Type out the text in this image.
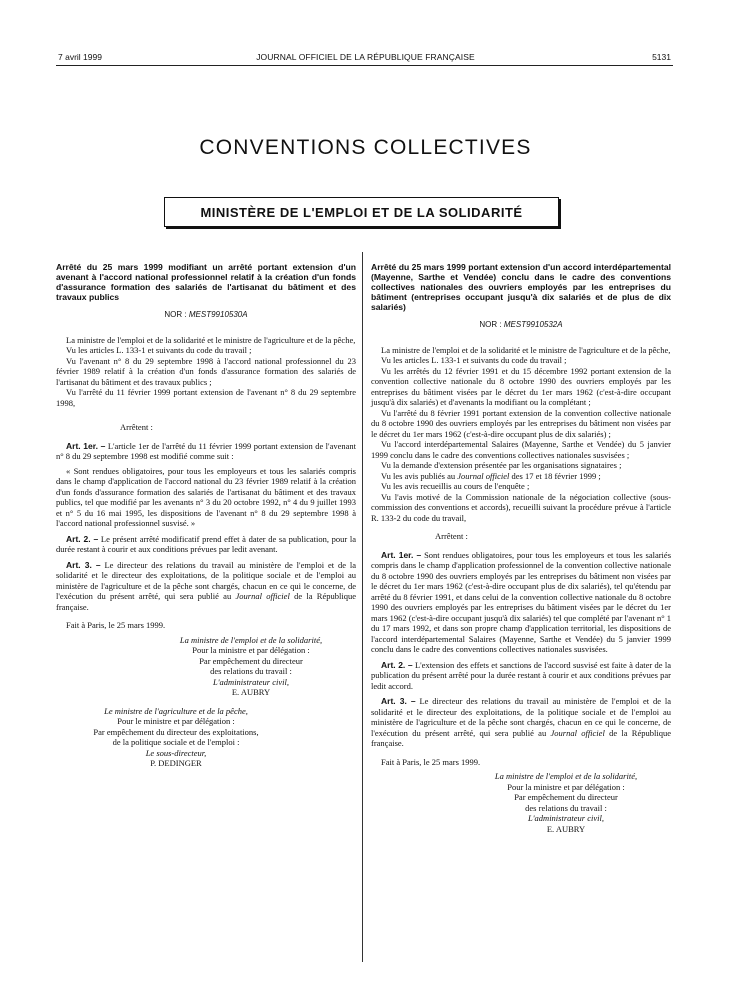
7 avril 1999	JOURNAL OFFICIEL DE LA RÉPUBLIQUE FRANÇAISE	5131
CONVENTIONS COLLECTIVES
MINISTÈRE DE L'EMPLOI ET DE LA SOLIDARITÉ
Arrêté du 25 mars 1999 modifiant un arrêté portant extension d'un avenant à l'accord national professionnel relatif à la création d'un fonds d'assurance formation des salariés de l'artisanat du bâtiment et des travaux publics
NOR : MEST9910530A

La ministre de l'emploi et de la solidarité et le ministre de l'agriculture et de la pêche,

Vu les articles L. 133-1 et suivants du code du travail ;

Vu l'avenant n° 8 du 29 septembre 1998 à l'accord national professionnel du 23 février 1989 relatif à la création d'un fonds d'assurance formation des salariés de l'artisanat du bâtiment et des travaux publics ;

Vu l'arrêté du 11 février 1999 portant extension de l'avenant n° 8 du 29 septembre 1998,

Arrêtent :

Art. 1er. – L'article 1er de l'arrêté du 11 février 1999 portant extension de l'avenant n° 8 du 29 septembre 1998 est modifié comme suit :

« Sont rendues obligatoires, pour tous les employeurs et tous les salariés compris dans le champ d'application de l'accord national du 23 février 1989 relatif à la création d'un fonds d'assurance formation des salariés de l'artisanat du bâtiment et des travaux publics, tel que modifié par les avenants n° 3 du 20 octobre 1992, n° 4 du 9 juillet 1993 et n° 5 du 16 mai 1995, les dispositions de l'avenant n° 8 du 29 septembre 1998 à l'accord national professionnel susvisé. »

Art. 2. – Le présent arrêté modificatif prend effet à dater de sa publication, pour la durée restant à courir et aux conditions prévues par ledit avenant.

Art. 3. – Le directeur des relations du travail au ministère de l'emploi et de la solidarité et le directeur des exploitations, de la politique sociale et de l'emploi au ministère de l'agriculture et de la pêche sont chargés, chacun en ce qui le concerne, de l'exécution du présent arrêté, qui sera publié au Journal officiel de la République française.

Fait à Paris, le 25 mars 1999.

La ministre de l'emploi et de la solidarité,

Pour la ministre et par délégation :

Par empêchement du directeur

des relations du travail :

L'administrateur civil,

E. AUBRY

Le ministre de l'agriculture et de la pêche,

Pour le ministre et par délégation :

Par empêchement du directeur des exploitations,

de la politique sociale et de l'emploi :

Le sous-directeur,

P. DEDINGER

Arrêté du 25 mars 1999 portant extension d'un accord interdépartemental (Mayenne, Sarthe et Vendée) conclu dans le cadre des conventions collectives nationales des ouvriers employés par les entreprises du bâtiment (entreprises occupant jusqu'à dix salariés et de plus de dix salariés)
NOR : MEST9910532A

La ministre de l'emploi et de la solidarité et le ministre de l'agriculture et de la pêche,

Vu les articles L. 133-1 et suivants du code du travail ;

Vu les arrêtés du 12 février 1991 et du 15 décembre 1992 portant extension de la convention collective nationale du 8 octobre 1990 des ouvriers employés par les entreprises du bâtiment visées par le décret du 1er mars 1962 (c'est-à-dire occupant jusqu'à dix salariés) et d'avenants la modifiant ou la complétant ;

Vu l'arrêté du 8 février 1991 portant extension de la convention collective nationale du 8 octobre 1990 des ouvriers employés par les entreprises du bâtiment non visées par le décret du 1er mars 1962 (c'est-à-dire occupant plus de dix salariés) ;

Vu l'accord interdépartemental Salaires (Mayenne, Sarthe et Vendée) du 5 janvier 1999 conclu dans le cadre des conventions collectives nationales susvisées ;

Vu la demande d'extension présentée par les organisations signataires ;

Vu les avis publiés au Journal officiel des 17 et 18 février 1999 ;

Vu les avis recueillis au cours de l'enquête ;

Vu l'avis motivé de la Commission nationale de la négociation collective (sous-commission des conventions et accords), recueilli suivant la procédure prévue à l'article R. 133-2 du code du travail,

Arrêtent :

Art. 1er. – Sont rendues obligatoires, pour tous les employeurs et tous les salariés compris dans le champ d'application professionnel de la convention collective nationale du 8 octobre 1990 des ouvriers employés par les entreprises du bâtiment non visées par le décret du 1er mars 1962 (c'est-à-dire occupant plus de dix salariés), tel qu'étendu par arrêté du 8 février 1991, et dans celui de la convention collective nationale du 8 octobre 1990 des ouvriers employés par les entreprises du bâtiment visées par le décret du 1er mars 1962 (c'est-à-dire occupant jusqu'à dix salariés) tel que complété par l'avenant n° 1 du 17 mars 1992, et dans son propre champ d'application territorial, les dispositions de l'accord interdépartemental Salaires (Mayenne, Sarthe et Vendée) du 5 janvier 1999 conclu dans le cadre des conventions collectives nationales susvisées.

Art. 2. – L'extension des effets et sanctions de l'accord susvisé est faite à dater de la publication du présent arrêté pour la durée restant à courir et aux conditions prévues par ledit accord.

Art. 3. – Le directeur des relations du travail au ministère de l'emploi et de la solidarité et le directeur des exploitations, de la politique sociale et de l'emploi au ministère de l'agriculture et de la pêche sont chargés, chacun en ce qui le concerne, de l'exécution du présent arrêté, qui sera publié au Journal officiel de la République française.

Fait à Paris, le 25 mars 1999.

La ministre de l'emploi et de la solidarité,

Pour la ministre et par délégation :

Par empêchement du directeur

des relations du travail :

L'administrateur civil,

E. AUBRY
